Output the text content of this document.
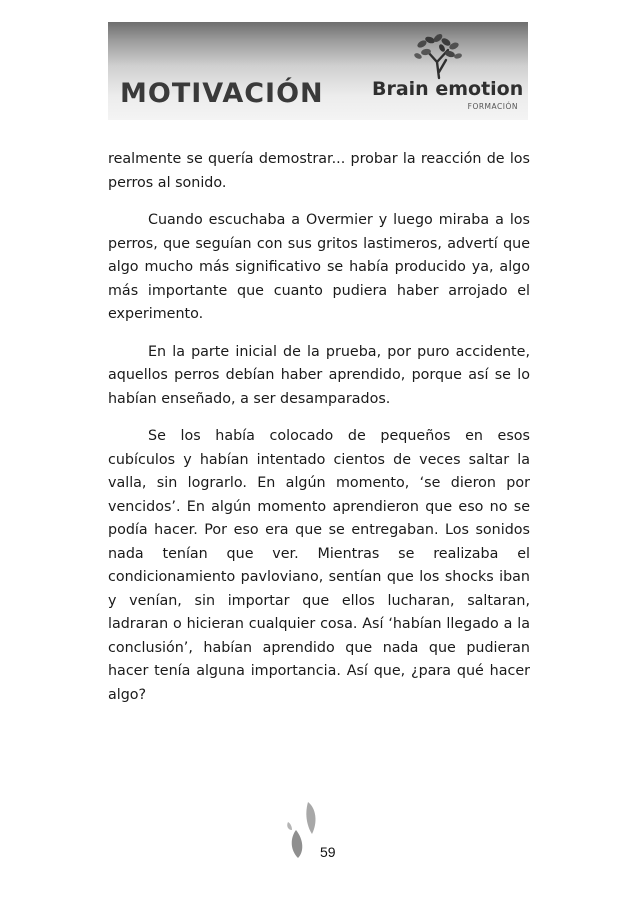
MOTIVACIÓN	Brain emotion
FORMACIÓN

realmente se quería demostrar... probar la reacción de los perros al sonido.

Cuando escuchaba a Overmier y luego miraba a los perros, que seguían con sus gritos lastimeros, advertí que algo mucho más significativo se había producido ya, algo más importante que cuanto pudiera haber arrojado el experimento.

En la parte inicial de la prueba, por puro accidente, aquellos perros debían haber aprendido, porque así se lo habían enseñado, a ser desamparados.

Se los había colocado de pequeños en esos cubículos y habían intentado cientos de veces saltar la valla, sin lograrlo. En algún momento, ‘se dieron por vencidos’. En algún momento aprendieron que eso no se podía hacer. Por eso era que se entregaban. Los sonidos nada tenían que ver. Mientras se realizaba el condicionamiento pavloviano, sentían que los shocks iban y venían, sin importar que ellos lucharan, saltaran, ladraran o hicieran cualquier cosa. Así ‘habían llegado a la conclusión’, habían aprendido que nada que pudieran hacer tenía alguna importancia. Así que, ¿para qué hacer algo?

59
